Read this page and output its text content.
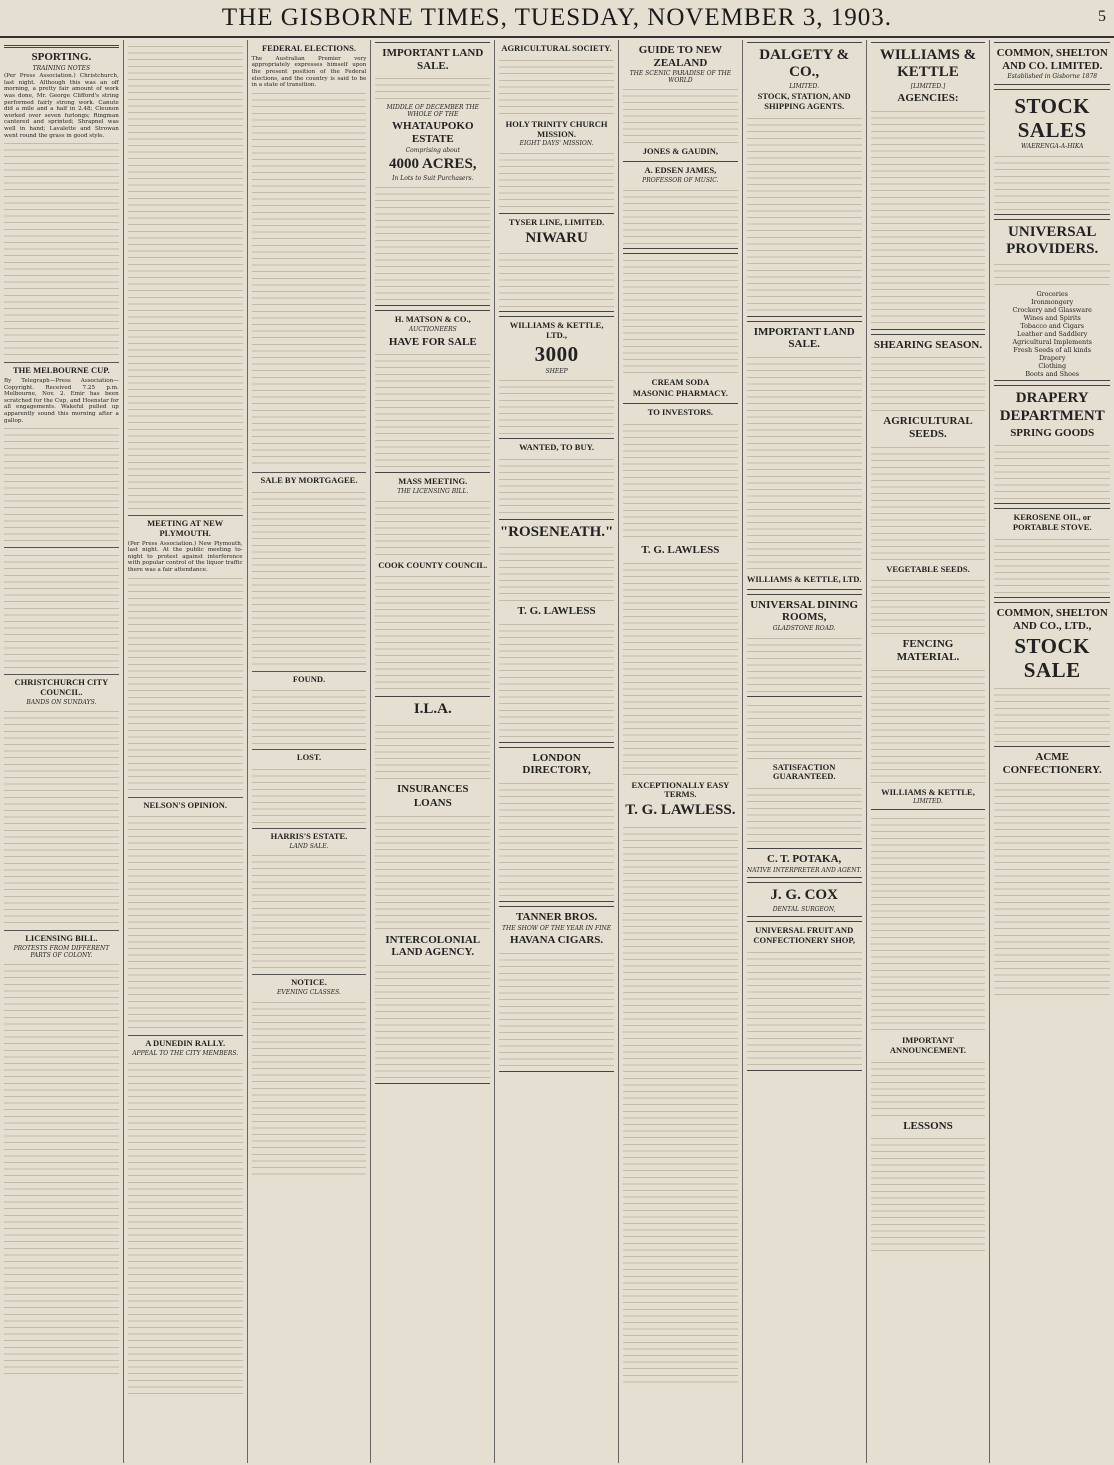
THE GISBORNE TIMES, TUESDAY, NOVEMBER 3, 1903.	5
SPORTING.
TRAINING NOTES
(Per Press Association.) Christchurch, last night. Although this was an off morning, a pretty fair amount of work was done, Mr. George Clifford's string performed fairly strong work. Canute did a mile and a half in 2.48; Cleunon worked over seven furlongs; Ringman cantered and sprinted; Shrapnel was well in hand; Lavalette and Strowan went round the grass in good style.
THE MELBOURNE CUP.
By Telegraph—Press Association—Copyright. Received 7.25 p.m. Melbourne, Nov. 2. Emir has been scratched for the Cup, and Hoenstar for all engagements. Wakeful pulled up apparently sound this morning after a gallop.
CHRISTCHURCH CITY COUNCIL.
BANDS ON SUNDAYS.
LICENSING BILL.
PROTESTS FROM DIFFERENT PARTS OF COLONY.
MEETING AT NEW PLYMOUTH.
(Per Press Association.) New Plymouth, last night. At the public meeting to-night to protest against interference with popular control of the liquor traffic there was a fair attendance.
NELSON'S OPINION.
A DUNEDIN RALLY.
APPEAL TO THE CITY MEMBERS.
FEDERAL ELECTIONS.
The Australian Premier very appropriately expresses himself upon the present position of the Federal elections, and the country is said to be in a state of transition.
SALE BY MORTGAGEE.
FOUND.
LOST.
HARRIS'S ESTATE.
LAND SALE.
NOTICE.
EVENING CLASSES.
IMPORTANT LAND SALE.
MIDDLE OF DECEMBER THE WHOLE OF THE
WHATAUPOKO ESTATE
Comprising about
4000 ACRES,
In Lots to Suit Purchasers.
H. MATSON & CO.,
AUCTIONEERS
HAVE FOR SALE
MASS MEETING.
THE LICENSING BILL.
COOK COUNTY COUNCIL.
I.L.A.
INSURANCES
LOANS
INTERCOLONIAL LAND AGENCY.
AGRICULTURAL SOCIETY.
HOLY TRINITY CHURCH MISSION.
EIGHT DAYS' MISSION.
TYSER LINE, LIMITED.
NIWARU
WILLIAMS & KETTLE, LTD.,
3000
SHEEP
WANTED, TO BUY.
"ROSENEATH."
T. G. LAWLESS
LONDON DIRECTORY,
TANNER BROS.
THE SHOW OF THE YEAR IN FINE
HAVANA CIGARS.
GUIDE TO NEW ZEALAND
THE SCENIC PARADISE OF THE WORLD
JONES & GAUDIN,
A. EDSEN JAMES,
PROFESSOR OF MUSIC.
CREAM SODA
MASONIC PHARMACY.
TO INVESTORS.
T. G. LAWLESS
EXCEPTIONALLY EASY TERMS.
T. G. LAWLESS.
DALGETY & CO.,
LIMITED.
STOCK, STATION, AND SHIPPING AGENTS.
IMPORTANT LAND SALE.
WILLIAMS & KETTLE, LTD.
UNIVERSAL DINING ROOMS,
GLADSTONE ROAD.
SATISFACTION GUARANTEED.
C. T. POTAKA,
NATIVE INTERPRETER AND AGENT.
J. G. COX
DENTAL SURGEON,
UNIVERSAL FRUIT AND CONFECTIONERY SHOP,
WILLIAMS & KETTLE
[LIMITED.]
AGENCIES:
SHEARING SEASON.
AGRICULTURAL SEEDS.
VEGETABLE SEEDS.
FENCING MATERIAL.
WILLIAMS & KETTLE,
LIMITED.
IMPORTANT ANNOUNCEMENT.
LESSONS
COMMON, SHELTON AND CO. LIMITED.
Established in Gisborne 1878
STOCK SALES
WAERENGA-A-HIKA
UNIVERSAL PROVIDERS.
Groceries
Ironmongery
Crockery and Glassware
Wines and Spirits
Tobacco and Cigars
Leather and Saddlery
Agricultural Implements
Fresh Seeds of all kinds
Drapery
Clothing
Boots and Shoes
DRAPERY DEPARTMENT
SPRING GOODS
KEROSENE OIL, or PORTABLE STOVE.
COMMON, SHELTON AND CO., LTD.,
STOCK SALE
ACME CONFECTIONERY.
